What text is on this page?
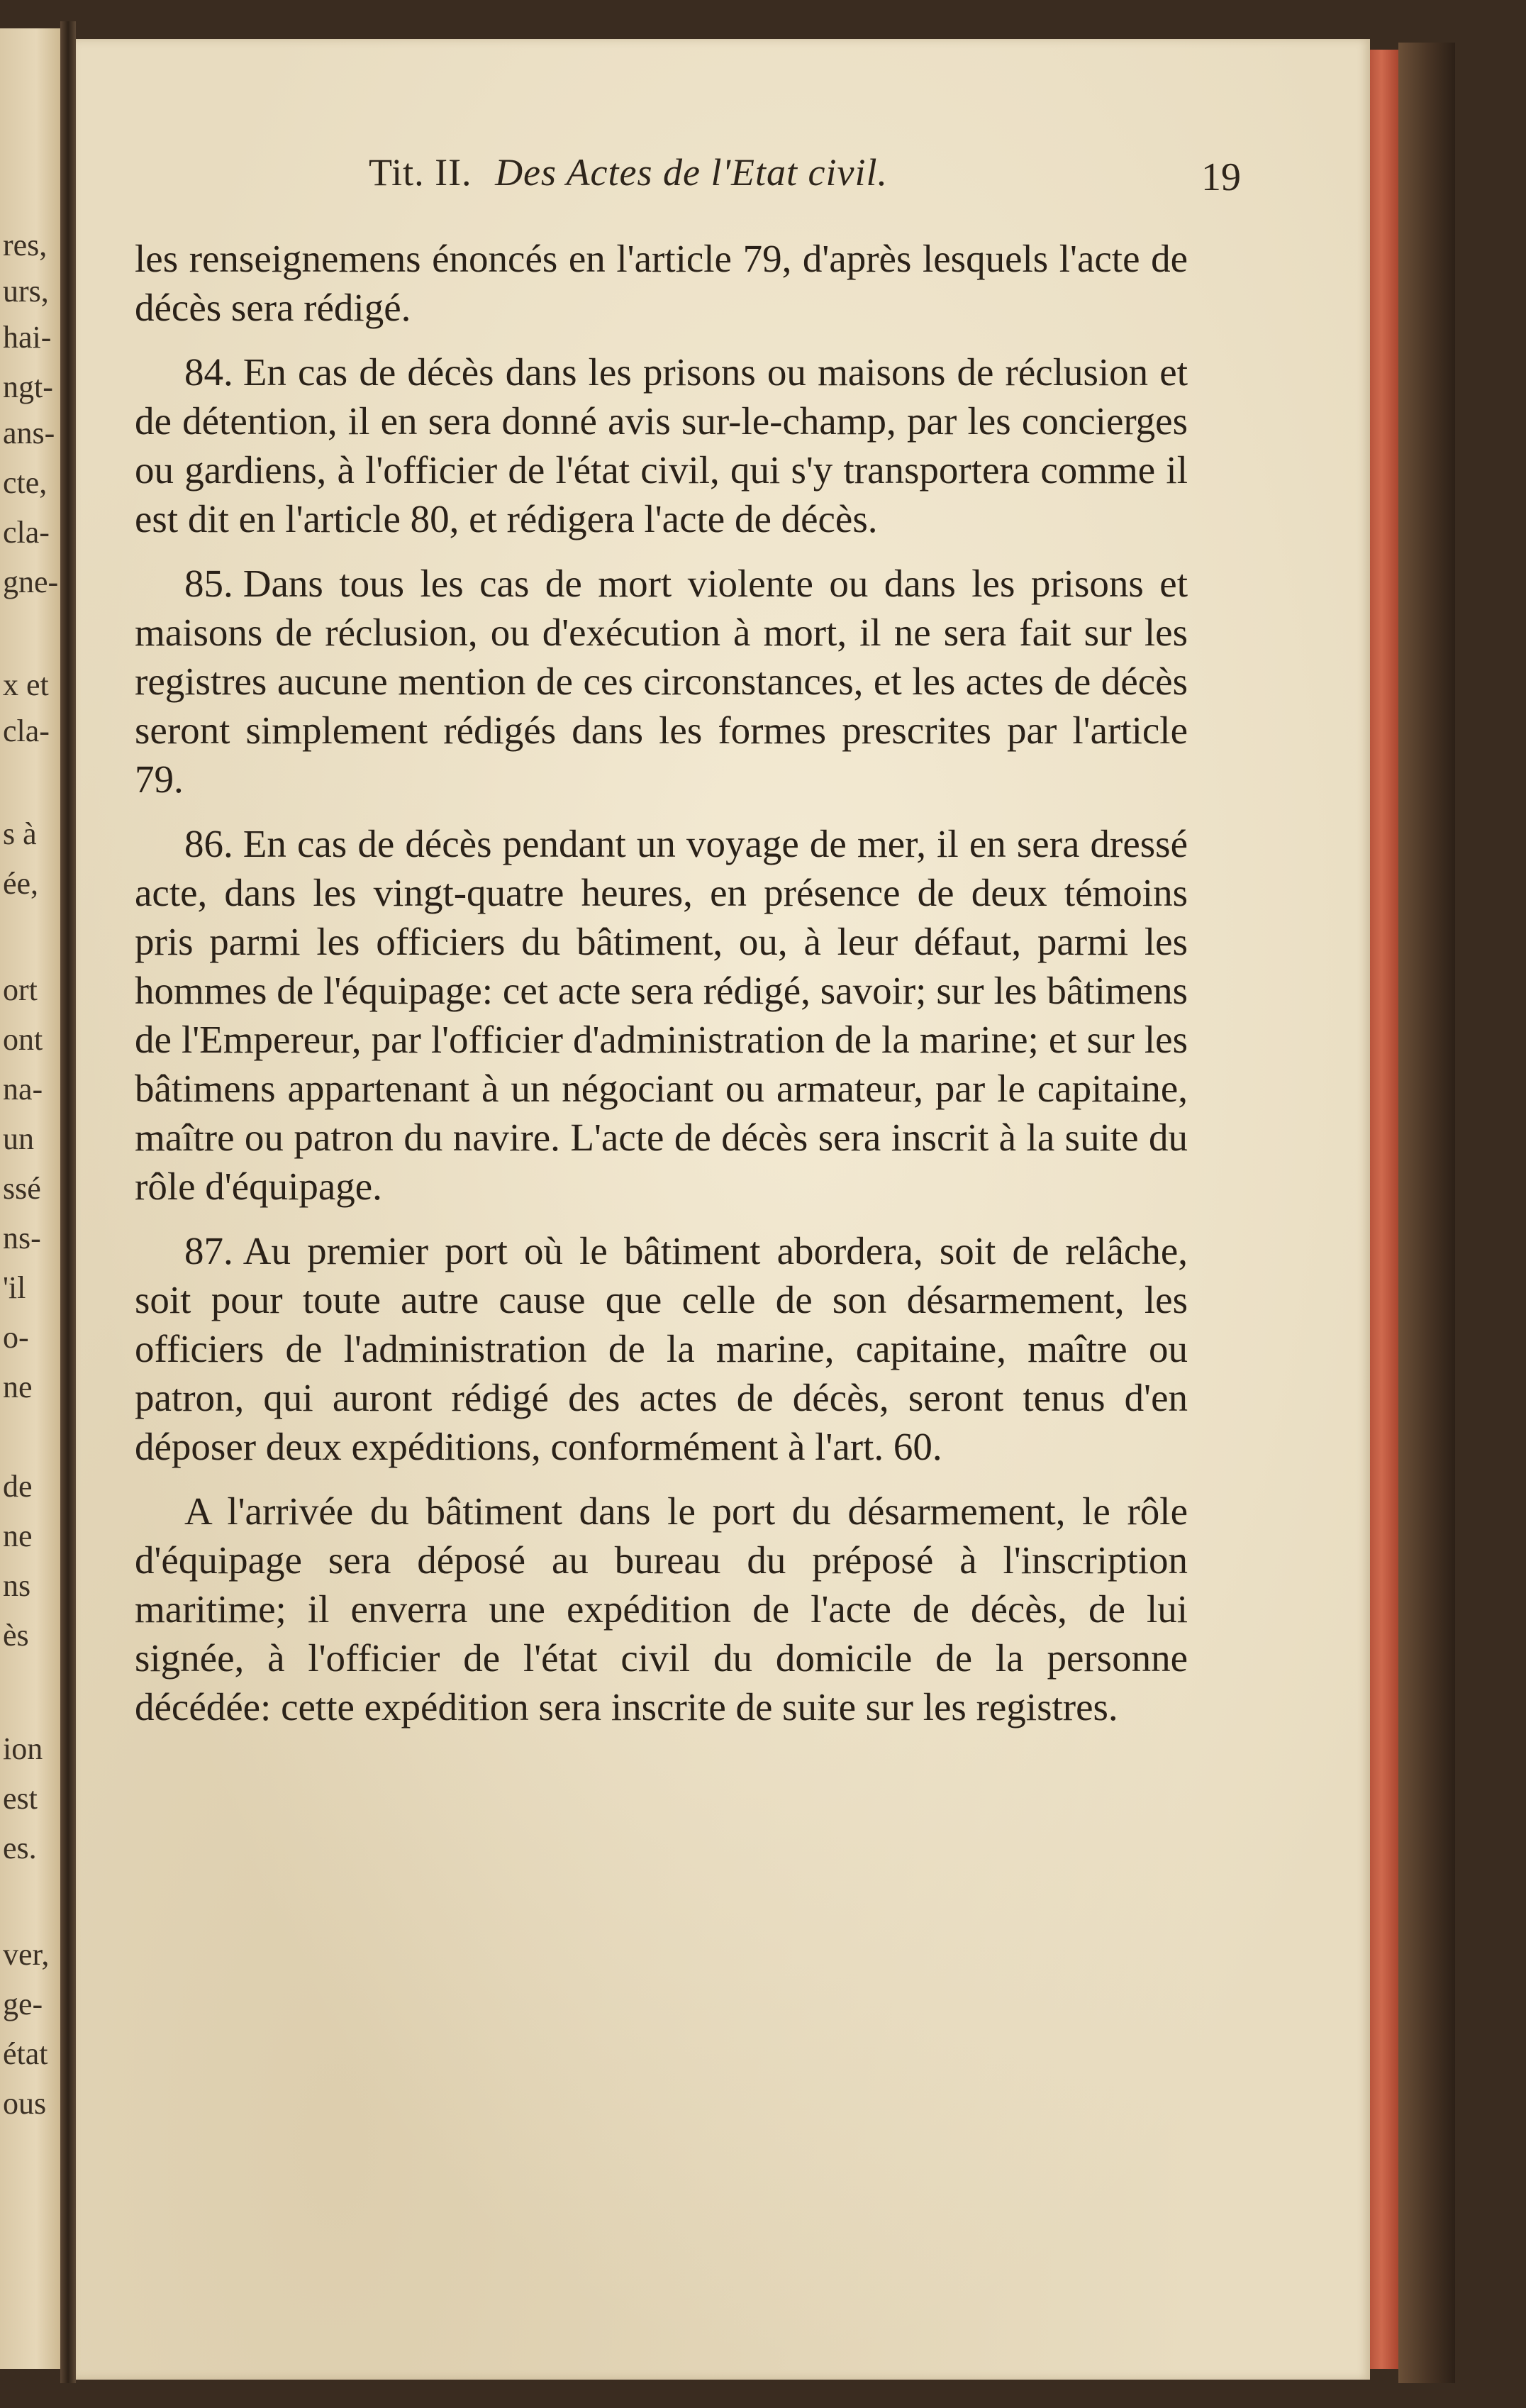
res,
urs,
hai-
ngt-
ans-
cte,
cla-
gne-
x et
cla-
s à
ée,
ort
ont
na-
un
ssé
ns-
'il
o-
ne
de
ne
ns
ès
ion
est
es.
ver,
ge-
état
ous
Tit. II. Des Actes de l'Etat civil.	19

les renseignemens énoncés en l'article 79, d'après lesquels l'acte de décès sera rédigé.

84. En cas de décès dans les prisons ou maisons de réclusion et de détention, il en sera donné avis sur-le-champ, par les concierges ou gardiens, à l'officier de l'état civil, qui s'y transportera comme il est dit en l'article 80, et rédigera l'acte de décès.

85. Dans tous les cas de mort violente ou dans les prisons et maisons de réclusion, ou d'exécution à mort, il ne sera fait sur les registres aucune mention de ces circonstances, et les actes de décès seront simplement rédigés dans les formes prescrites par l'article 79.

86. En cas de décès pendant un voyage de mer, il en sera dressé acte, dans les vingt-quatre heures, en présence de deux témoins pris parmi les officiers du bâtiment, ou, à leur défaut, parmi les hommes de l'équipage: cet acte sera rédigé, savoir; sur les bâtimens de l'Empereur, par l'officier d'administration de la marine; et sur les bâtimens appartenant à un négociant ou armateur, par le capitaine, maître ou patron du navire. L'acte de décès sera inscrit à la suite du rôle d'équipage.

87. Au premier port où le bâtiment abordera, soit de relâche, soit pour toute autre cause que celle de son désarmement, les officiers de l'administration de la marine, capitaine, maître ou patron, qui auront rédigé des actes de décès, seront tenus d'en déposer deux expéditions, conformément à l'art. 60.

A l'arrivée du bâtiment dans le port du désarmement, le rôle d'équipage sera déposé au bureau du préposé à l'inscription maritime; il enverra une expédition de l'acte de décès, de lui signée, à l'officier de l'état civil du domicile de la personne décédée: cette expédition sera inscrite de suite sur les registres.
